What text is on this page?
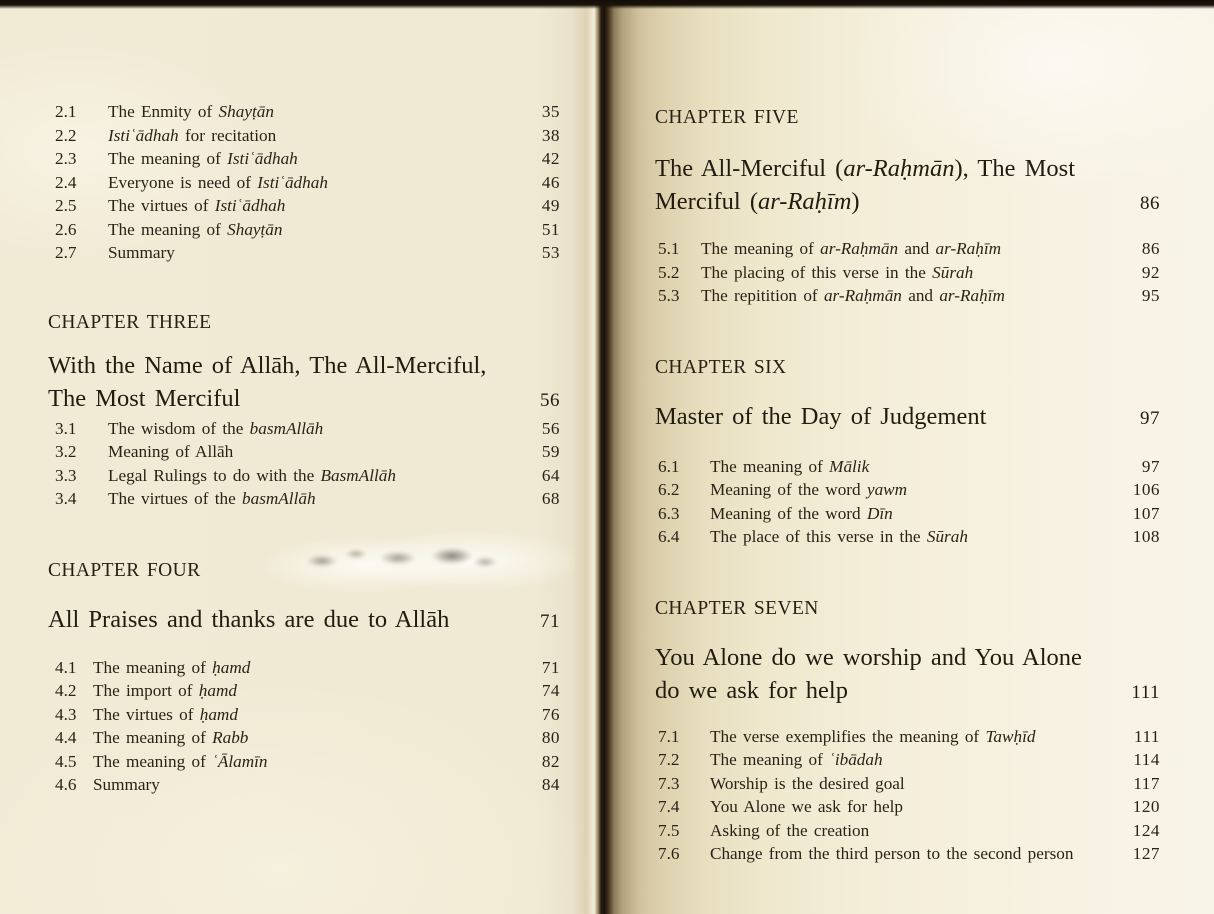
2.1	The Enmity of Shayṭān	35
2.2	Istiʿādhah for recitation	38
2.3	The meaning of Istiʿādhah	42
2.4	Everyone is need of Istiʿādhah	46
2.5	The virtues of Istiʿādhah	49
2.6	The meaning of Shayṭān	51
2.7	Summary	53
CHAPTER THREE
With the Name of Allāh, The All-Merciful,
The Most Merciful	56
3.1	The wisdom of the basmAllāh	56
3.2	Meaning of Allāh	59
3.3	Legal Rulings to do with the BasmAllāh	64
3.4	The virtues of the basmAllāh	68
CHAPTER FOUR
All Praises and thanks are due to Allāh	71
4.1 The meaning of ḥamd	71
4.2 The import of ḥamd	74
4.3 The virtues of ḥamd	76
4.4 The meaning of Rabb	80
4.5 The meaning of ʿĀlamīn	82
4.6 Summary	84
CHAPTER FIVE
The All-Merciful (ar-Raḥmān), The Most
Merciful (ar-Raḥīm)	86
5.1	The meaning of ar-Raḥmān and ar-Raḥīm	86
5.2	The placing of this verse in the Sūrah	92
5.3	The repitition of ar-Raḥmān and ar-Raḥīm	95
CHAPTER SIX
Master of the Day of Judgement	97
6.1	The meaning of Mālik	97
6.2	Meaning of the word yawm	106
6.3	Meaning of the word Dīn	107
6.4	The place of this verse in the Sūrah	108
CHAPTER SEVEN
You Alone do we worship and You Alone
do we ask for help	111
7.1	The verse exemplifies the meaning of Tawḥīd	111
7.2	The meaning of ʿibādah	114
7.3	Worship is the desired goal	117
7.4	You Alone we ask for help	120
7.5	Asking of the creation	124
7.6	Change from the third person to the second person	127
